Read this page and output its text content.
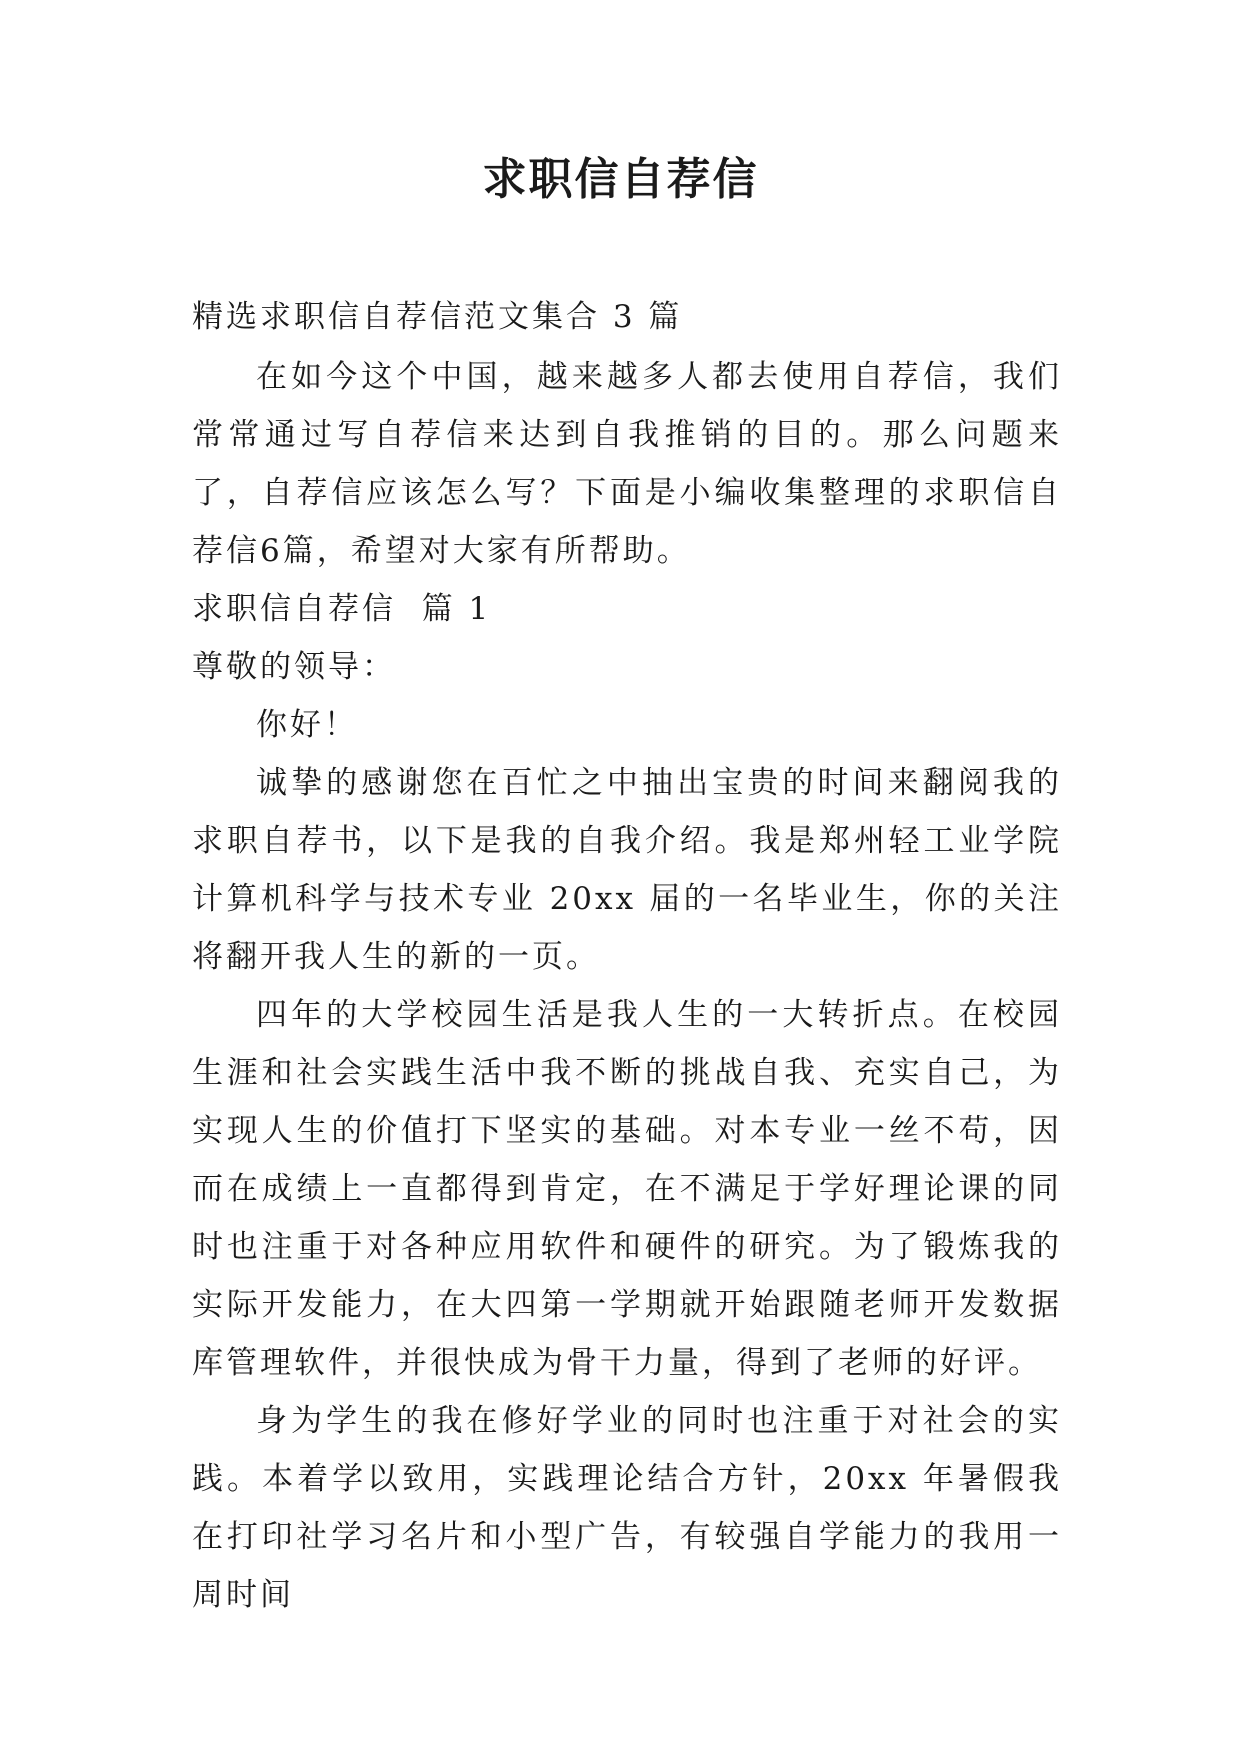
求职信自荐信

精选求职信自荐信范文集合 3 篇

在如今这个中国，越来越多人都去使用自荐信，我们常常通过写自荐信来达到自我推销的目的。那么问题来了，自荐信应该怎么写？下面是小编收集整理的求职信自荐信6篇，希望对大家有所帮助。

求职信自荐信  篇 1

尊敬的领导：

你好！

诚挚的感谢您在百忙之中抽出宝贵的时间来翻阅我的求职自荐书，以下是我的自我介绍。我是郑州轻工业学院计算机科学与技术专业 20xx 届的一名毕业生，你的关注将翻开我人生的新的一页。

四年的大学校园生活是我人生的一大转折点。在校园生涯和社会实践生活中我不断的挑战自我、充实自己，为实现人生的价值打下坚实的基础。对本专业一丝不苟，因而在成绩上一直都得到肯定，在不满足于学好理论课的同时也注重于对各种应用软件和硬件的研究。为了锻炼我的实际开发能力，在大四第一学期就开始跟随老师开发数据库管理软件，并很快成为骨干力量，得到了老师的好评。

身为学生的我在修好学业的同时也注重于对社会的实践。本着学以致用，实践理论结合方针，20xx 年暑假我在打印社学习名片和小型广告，有较强自学能力的我用一周时间
